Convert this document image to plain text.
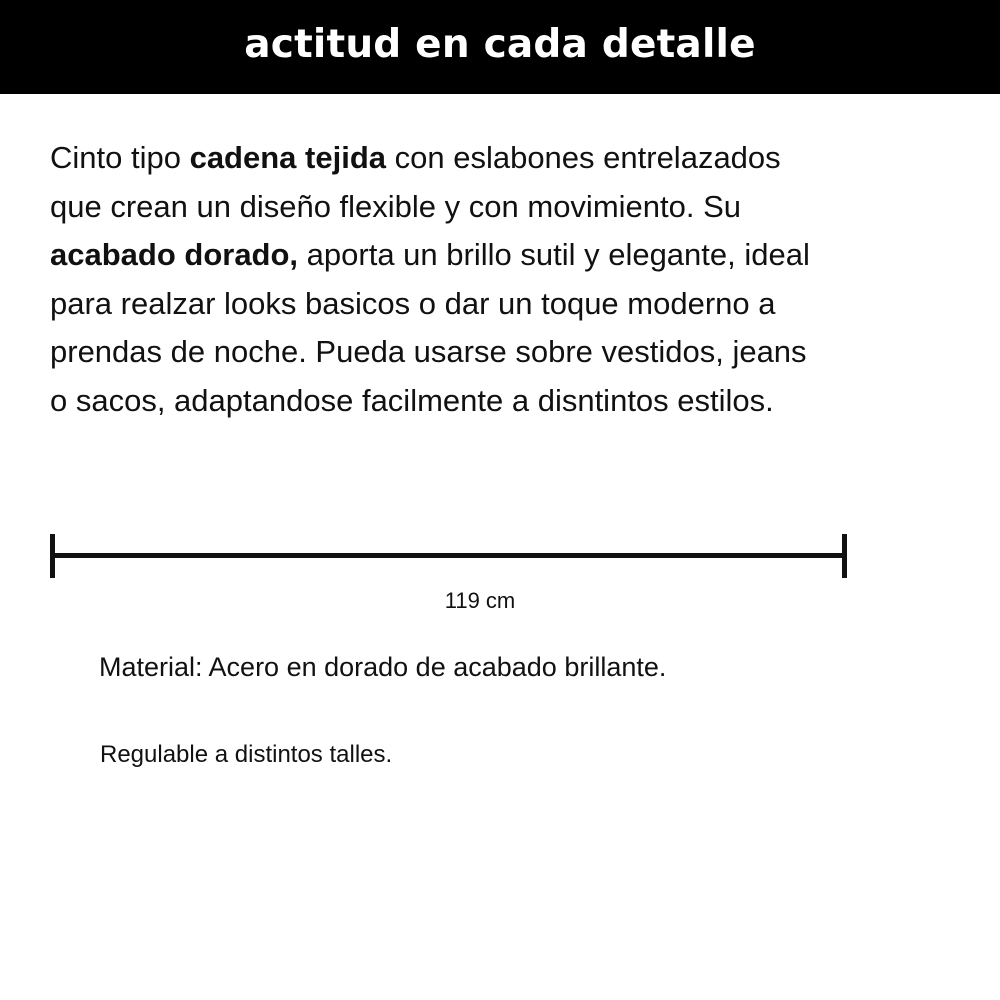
actitud en cada detalle
Cinto tipo cadena tejida con eslabones entrelazados
que crean un diseño flexible y con movimiento. Su
acabado dorado, aporta un brillo sutil y elegante, ideal
para realzar looks basicos o dar un toque moderno a
prendas de noche. Pueda usarse sobre vestidos, jeans
o sacos, adaptandose facilmente a disntintos estilos.
119 cm
Material: Acero en dorado de acabado brillante.
Regulable a distintos talles.
